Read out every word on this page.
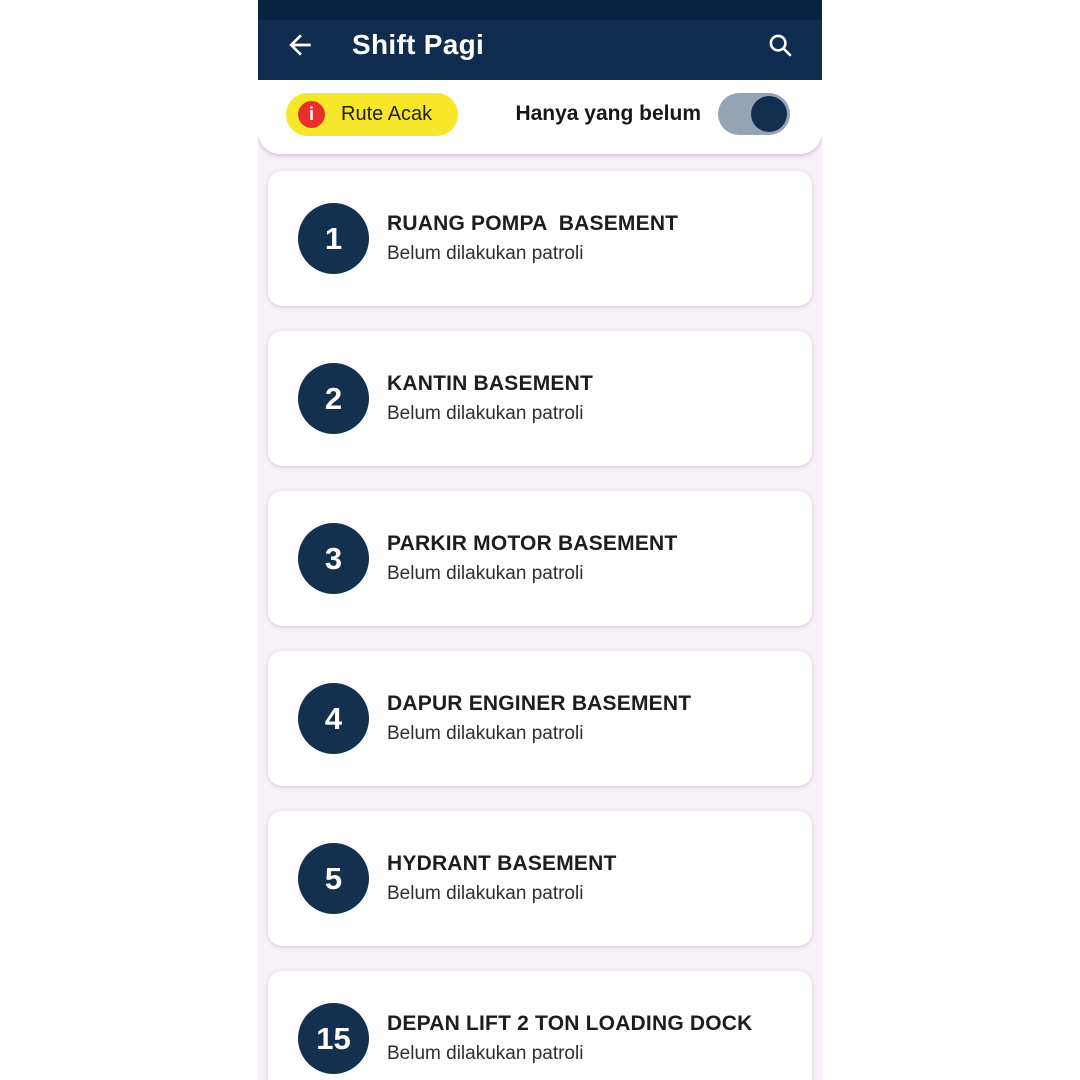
Shift Pagi
i	Rute Acak	Hanya yang belum
1	RUANG POMPA  BASEMENT
Belum dilakukan patroli
2	KANTIN BASEMENT
Belum dilakukan patroli
3	PARKIR MOTOR BASEMENT
Belum dilakukan patroli
4	DAPUR ENGINER BASEMENT
Belum dilakukan patroli
5	HYDRANT BASEMENT
Belum dilakukan patroli
15	DEPAN LIFT 2 TON LOADING DOCK
Belum dilakukan patroli
